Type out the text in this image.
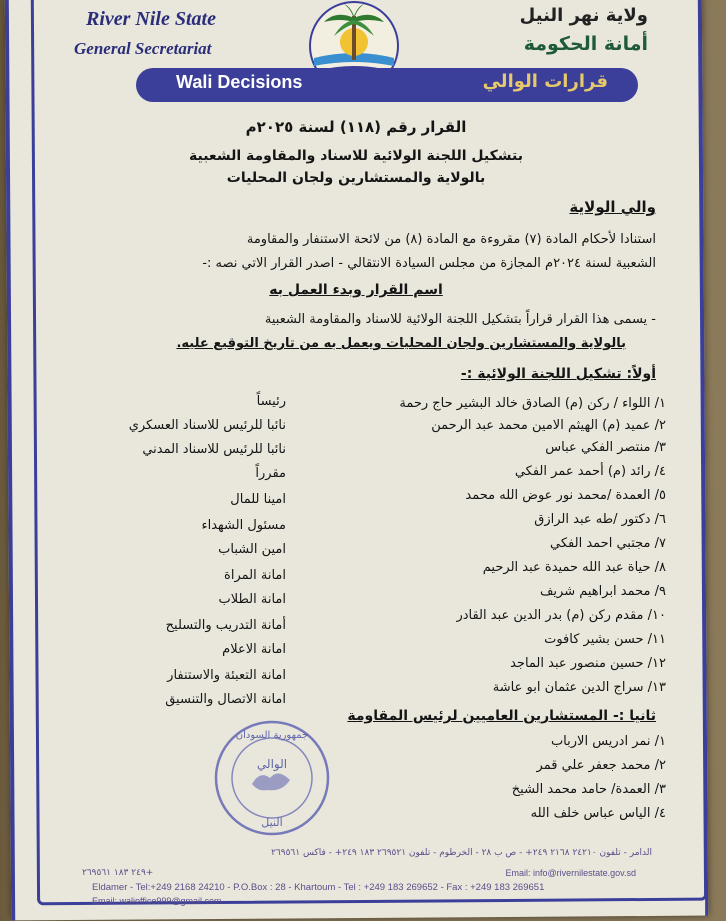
River Nile State
General Secretariat
ولاية نهر النيل
أمانة الحكومة
Wali Decisions	قرارات الوالي
القرار رقم (١١٨) لسنة ٢٠٢٥م
بتشكيل اللجنة الولائية للاسناد والمقاومة الشعبية
بالولاية والمستشارين ولجان المحليات
والي الولاية
استنادا لأحكام المادة (٧) مقروءة مع المادة (٨) من لائحة الاستنفار والمقاومة
الشعبية لسنة ٢٠٢٤م المجازة من مجلس السيادة الانتقالي - اصدر القرار الاتي نصه :-
اسم القرار وبدء العمل به
- يسمى هذا القرار قراراً بتشكيل اللجنة الولائية للاسناد والمقاومة الشعبية
بالولاية والمستشارين ولجان المحليات ويعمل به من تاريخ التوقيع عليه.
أولاً: تشكيل اللجنة الولائية :-
١/ اللواء / ركن (م) الصادق خالد البشير حاج رحمة
رئيساً
٢/ عميد (م) الهيثم الامين محمد عبد الرحمن
نائبا للرئيس للاسناد العسكري
٣/ منتصر الفكي عباس
نائبا للرئيس للاسناد المدني
٤/ رائد (م) أحمد عمر الفكي
مقرراً
٥/ العمدة /محمد نور عوض الله محمد
امينا للمال
٦/ دكتور /طه عبد الرازق
مسئول الشهداء
٧/ مجتبي احمد الفكي
امين الشباب
٨/ حياة عبد الله حميدة عبد الرحيم
امانة المراة
٩/ محمد ابراهيم شريف
امانة الطلاب
١٠/ مقدم ركن (م) بدر الدين عبد القادر
أمانة التدريب والتسليح
١١/ حسن بشير كافوت
امانة الاعلام
١٢/ حسين منصور عبد الماجد
امانة التعبئة والاستنفار
١٣/ سراج الدين عثمان ابو عاشة
امانة الاتصال والتنسيق
ثانيا :- المستشارين العاميين لرئيس المقاومة
١/ نمر ادريس الارباب
٢/ محمد جعفر علي قمر
٣/ العمدة/ حامد محمد الشيخ
٤/ الياس عباس خلف الله
جمهورية السودان
الوالي
النيل
الدامر - تلفون ٢٤٢١٠ ٢١٦٨ ٢٤٩+ - ص ب ٢٨ - الخرطوم - تلفون ٢٦٩٥٢١ ١٨٣ ٢٤٩+ - فاكس ٢٦٩٥٦١
+٢٤٩ ١٨٣ ٢٦٩٥٦١
Eldamer - Tel:+249 2168 24210 - P.O.Box : 28 - Khartoum - Tel : +249 183 269652 - Fax : +249 183 269651
Email: walioffice999@gmail.com
Email: info@rivernilestate.gov.sd
